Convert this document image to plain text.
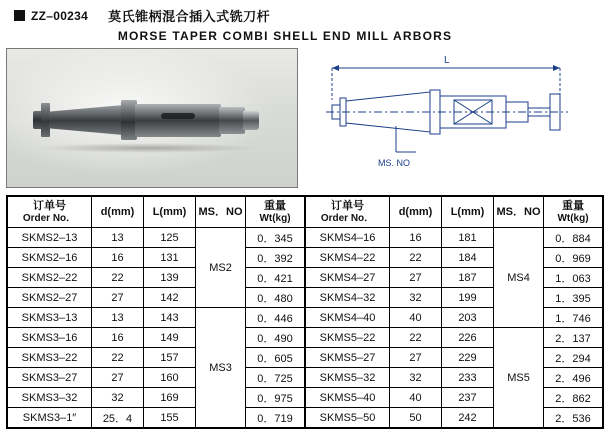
ZZ–00234 莫氏锥柄混合插入式铣刀杆
MORSE TAPER COMBI SHELL END MILL ARBORS
L
MS. NO
订单号
Order No．
	d(mm)	L(mm)	MS．NO	重量
Wt(kg)

SKMS2–13	13	125	MS2	0．345
SKMS2–16	16	131		0．392
SKMS2–22	22	139		0．421
SKMS2–27	27	142		0．480
SKMS3–13	13	143	MS3	0．446
SKMS3–16	16	149		0．490
SKMS3–22	22	157		0．605
SKMS3–27	27	160		0．725
SKMS3–32	32	169		0．975
SKMS3–1″	25．4	155		0．719
订单号
Order No．
	d(mm)	L(mm)	MS．NO	重量
Wt(kg)

SKMS4–16	16	181	MS4	0．884
SKMS4–22	22	184		0．969
SKMS4–27	27	187		1．063
SKMS4–32	32	199		1．395
SKMS4–40	40	203		1．746
SKMS5–22	22	226	MS5	2．137
SKMS5–27	27	229		2．294
SKMS5–32	32	233		2．496
SKMS5–40	40	237		2．862
SKMS5–50	50	242		2．536
